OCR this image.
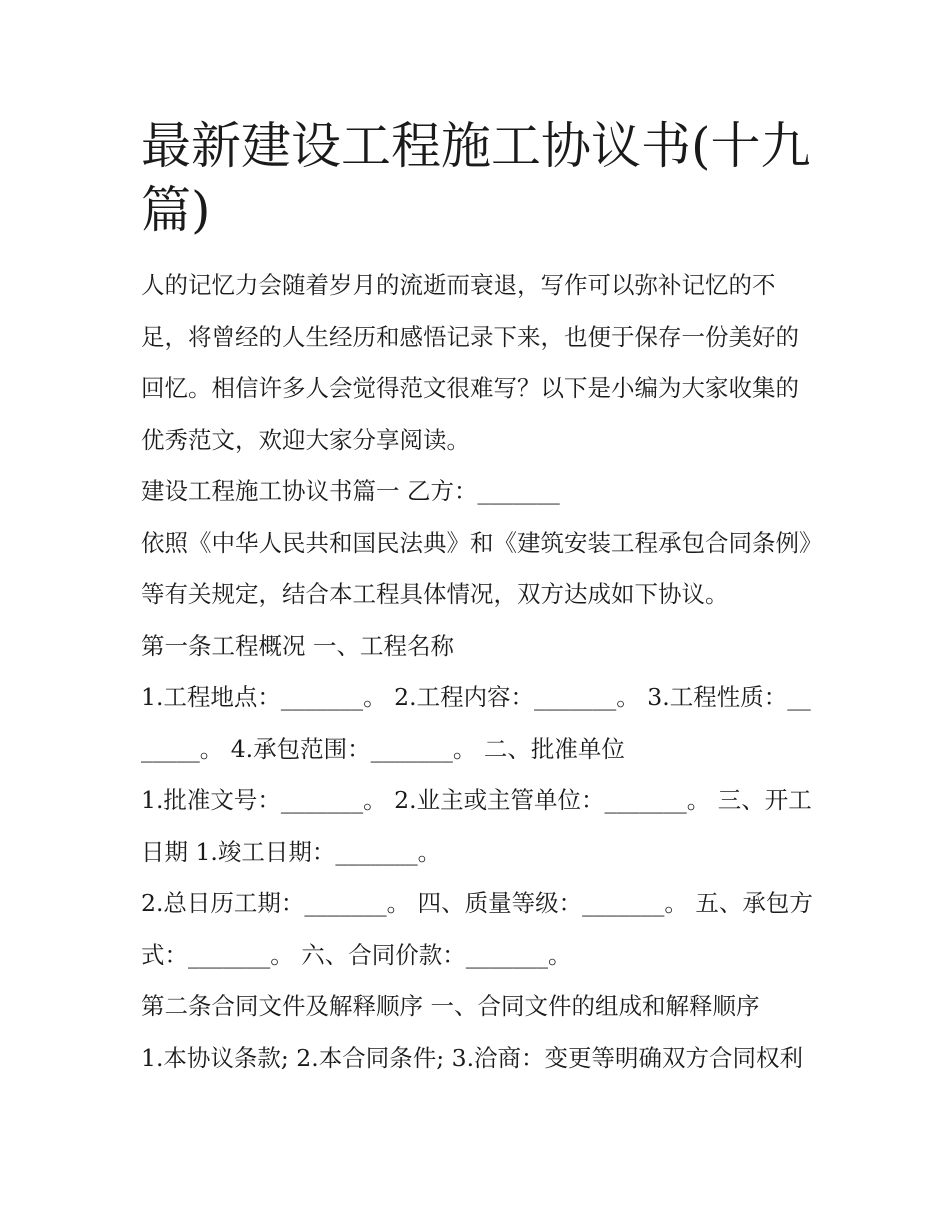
最新建设工程施工协议书(十九篇)

人的记忆力会随着岁月的流逝而衰退，写作可以弥补记忆的不足，将曾经的人生经历和感悟记录下来，也便于保存一份美好的回忆。相信许多人会觉得范文很难写？以下是小编为大家收集的优秀范文，欢迎大家分享阅读。

建设工程施工协议书篇一 乙方：_______

依照《中华人民共和国民法典》和《建筑安装工程承包合同条例》等有关规定，结合本工程具体情况，双方达成如下协议。

第一条工程概况 一、工程名称

1.工程地点：_______。 2.工程内容：_______。 3.工程性质：_______。 4.承包范围：_______。 二、批准单位

1.批准文号：_______。 2.业主或主管单位：_______。 三、开工日期 1.竣工日期：_______。

2.总日历工期：_______。 四、质量等级：_______。 五、承包方式：_______。 六、合同价款：_______。

第二条合同文件及解释顺序 一、合同文件的组成和解释顺序

1.本协议条款; 2.本合同条件; 3.洽商：变更等明确双方合同权利
